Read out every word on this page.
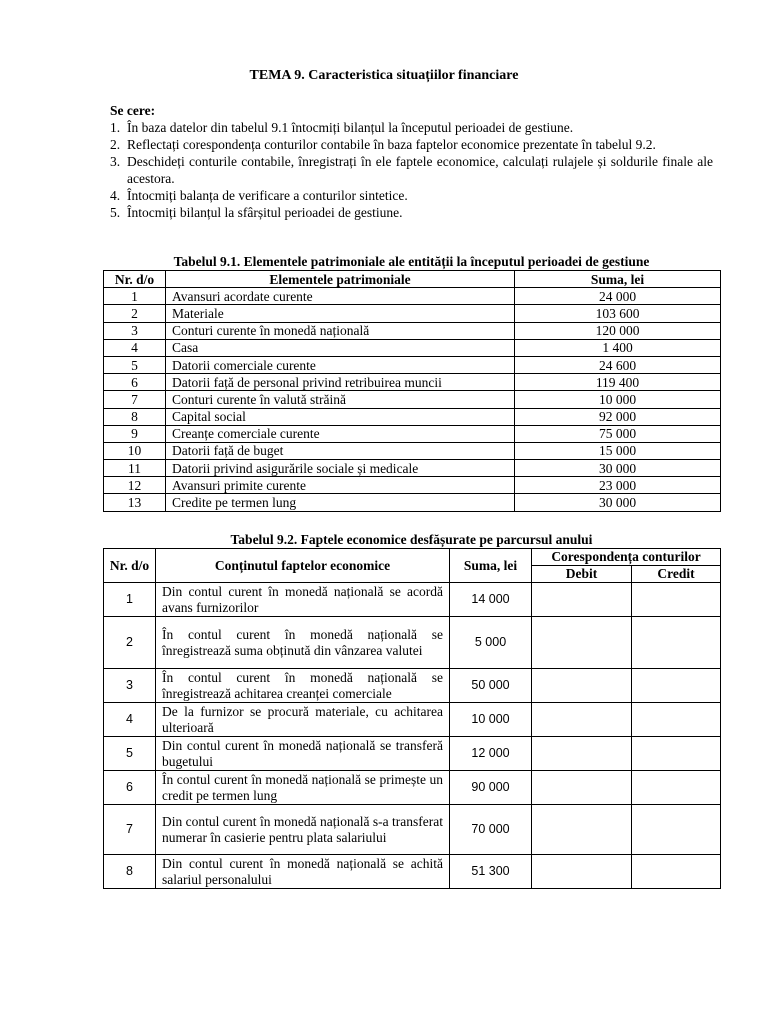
TEMA 9. Caracteristica situațiilor financiare
Se cere:
1. În baza datelor din tabelul 9.1 întocmiți bilanțul la începutul perioadei de gestiune.
2. Reflectați corespondența conturilor contabile în baza faptelor economice prezentate în tabelul 9.2.
3. Deschideți conturile contabile, înregistrați în ele faptele economice, calculați rulajele și soldurile finale ale acestora.
4. Întocmiți balanța de verificare a conturilor sintetice.
5. Întocmiți bilanțul la sfârșitul perioadei de gestiune.
Tabelul 9.1. Elementele patrimoniale ale entității la începutul perioadei de gestiune
Nr. d/o	Elementele patrimoniale	Suma, lei
1	Avansuri acordate curente	24 000
2	Materiale	103 600
3	Conturi curente în monedă națională	120 000
4	Casa	1 400
5	Datorii comerciale curente	24 600
6	Datorii față de personal privind retribuirea muncii	119 400
7	Conturi curente în valută străină	10 000
8	Capital social	92 000
9	Creanțe comerciale curente	75 000
10	Datorii față de buget	15 000
11	Datorii privind asigurările sociale și medicale	30 000
12	Avansuri primite curente	23 000
13	Credite pe termen lung	30 000
Tabelul 9.2. Faptele economice desfășurate pe parcursul anului
Nr. d/o	Conținutul faptelor economice	Suma, lei	Corespondența conturilor	
			Debit	Credit
1	Din contul curent în monedă națională se acordă avans furnizorilor	14 000		
2	În contul curent în monedă națională se înregistrează suma obținută din vânzarea valutei	5 000		
3	În contul curent în monedă națională se înregistrează achitarea creanței comerciale	50 000		
4	De la furnizor se procură materiale, cu achitarea ulterioară	10 000		
5	Din contul curent în monedă națională se transferă bugetului	12 000		
6	În contul curent în monedă națională se primește un credit pe termen lung	90 000		
7	Din contul curent în monedă națională s-a transferat numerar în casierie pentru plata salariului	70 000		
8	Din contul curent în monedă națională se achită salariul personalului	51 300		
